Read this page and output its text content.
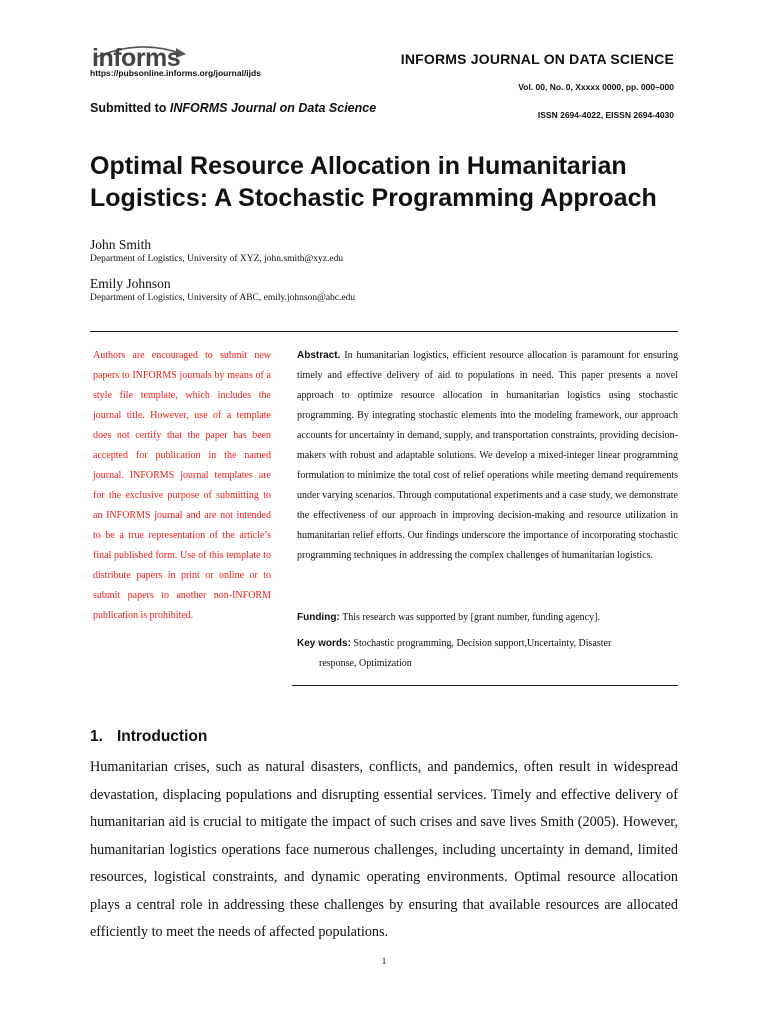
informs
https://pubsonline.informs.org/journal/ijds
INFORMS JOURNAL ON DATA SCIENCE
Vol. 00, No. 0, Xxxxx 0000, pp. 000–000
ISSN 2694-4022, EISSN 2694-4030
Submitted to INFORMS Journal on Data Science
Optimal Resource Allocation in Humanitarian
Logistics: A Stochastic Programming Approach
John Smith
Department of Logistics, University of XYZ, john.smith@xyz.edu
Emily Johnson
Department of Logistics, University of ABC, emily.johnson@abc.edu
Authors are encouraged to submit new papers to INFORMS journals by means of a style file template, which includes the journal title. However, use of a template does not certify that the paper has been accepted for publication in the named journal. INFORMS journal templates are for the exclusive purpose of submitting to an INFORMS journal and are not intended to be a true representation of the article’s final published form. Use of this template to distribute papers in print or online or to submit papers to another non-INFORM publication is prohibited.
Abstract. In humanitarian logistics, efficient resource allocation is paramount for ensuring timely and effective delivery of aid to populations in need. This paper presents a novel approach to optimize resource allocation in humanitarian logistics using stochastic programming. By integrating stochastic elements into the modeling framework, our approach accounts for uncertainty in demand, supply, and transportation constraints, providing decision-makers with robust and adaptable solutions. We develop a mixed-integer linear programming formulation to minimize the total cost of relief operations while meeting demand requirements under varying scenarios. Through computational experiments and a case study, we demonstrate the effectiveness of our approach in improving decision-making and resource utilization in humanitarian relief efforts. Our findings underscore the importance of incorporating stochastic programming techniques in addressing the complex challenges of humanitarian logistics.
Funding: This research was supported by [grant number, funding agency].
Key words: Stochastic programming, Decision support,Uncertainty, Disaster
response, Optimization
1. Introduction
Humanitarian crises, such as natural disasters, conflicts, and pandemics, often result in widespread devastation, displacing populations and disrupting essential services. Timely and effective delivery of humanitarian aid is crucial to mitigate the impact of such crises and save lives Smith (2005). However, humanitarian logistics operations face numerous challenges, including uncertainty in demand, limited resources, logistical constraints, and dynamic operating environments. Optimal resource allocation plays a central role in addressing these challenges by ensuring that available resources are allocated efficiently to meet the needs of affected populations.
1
